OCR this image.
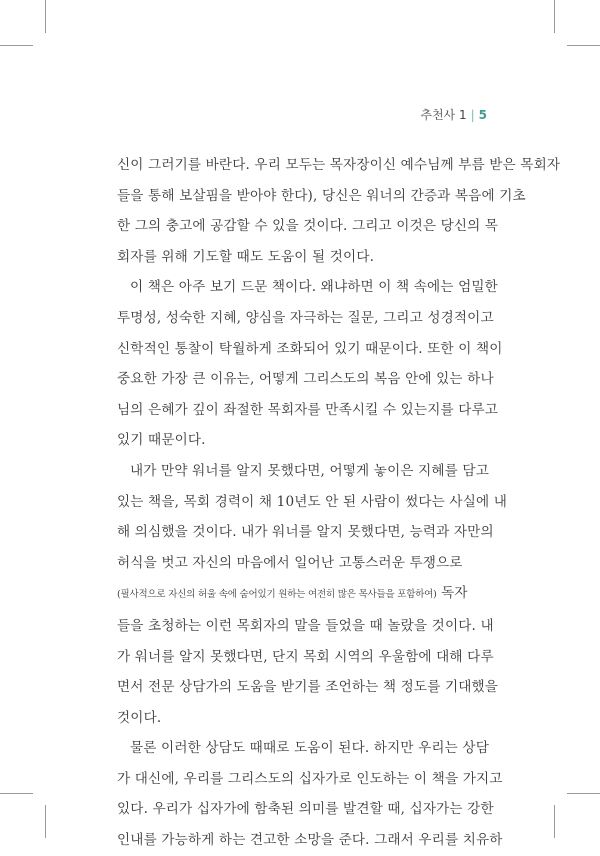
추천사 1 | 5
신이 그러기를 바란다. 우리 모두는 목자장이신 예수님께 부름 받은 목회자
들을 통해 보살핌을 받아야 한다), 당신은 워너의 간증과 복음에 기초
한 그의 충고에 공감할 수 있을 것이다. 그리고 이것은 당신의 목
회자를 위해 기도할 때도 도움이 될 것이다.
이 책은 아주 보기 드문 책이다. 왜냐하면 이 책 속에는 엄밀한
투명성, 성숙한 지혜, 양심을 자극하는 질문, 그리고 성경적이고
신학적인 통찰이 탁월하게 조화되어 있기 때문이다. 또한 이 책이
중요한 가장 큰 이유는, 어떻게 그리스도의 복음 안에 있는 하나
님의 은혜가 깊이 좌절한 목회자를 만족시킬 수 있는지를 다루고
있기 때문이다.
내가 만약 워너를 알지 못했다면, 어떻게 놓이은 지혜를 담고
있는 책을, 목회 경력이 채 10년도 안 된 사람이 썼다는 사실에 내
해 의심했을 것이다. 내가 워너를 알지 못했다면, 능력과 자만의
허식을 벗고 자신의 마음에서 일어난 고통스러운 투쟁으로
(필사적으로 자신의 허울 속에 숨어있기 원하는 여전히 많은 목사들을 포함하여) 독자
들을 초청하는 이런 목회자의 말을 들었을 때 놀랐을 것이다. 내
가 워너를 알지 못했다면, 단지 목회 시역의 우울함에 대해 다루
면서 전문 상담가의 도움을 받기를 조언하는 책 정도를 기대했을
것이다.
물론 이러한 상담도 때때로 도움이 된다. 하지만 우리는 상담
가 대신에, 우리를 그리스도의 십자가로 인도하는 이 책을 가지고
있다. 우리가 십자가에 함축된 의미를 발견할 때, 십자가는 강한
인내를 가능하게 하는 견고한 소망을 준다. 그래서 우리를 치유하
